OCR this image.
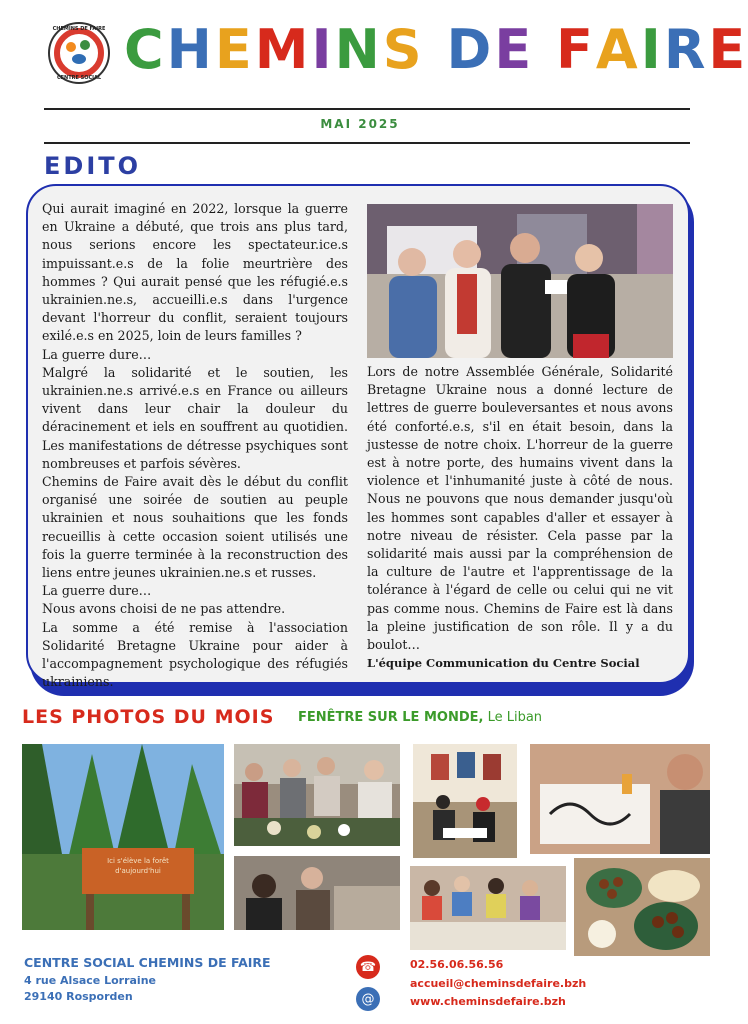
CHEMINS DE FAIRE
CENTRE SOCIAL CHEMINS DE FAIRE
MAI 2025
EDITO

Qui aurait imaginé en 2022, lorsque la guerre en Ukraine a débuté, que trois ans plus tard, nous serions encore les spectateur.ice.s impuissant.e.s de la folie meurtrière des hommes ? Qui aurait pensé que les réfugié.e.s ukrainien.ne.s, accueilli.e.s dans l'urgence devant l'horreur du conflit, seraient toujours exilé.e.s en 2025, loin de leurs familles ?

La guerre dure…

Malgré la solidarité et le soutien, les ukrainien.ne.s arrivé.e.s en France ou ailleurs vivent dans leur chair la douleur du déracinement et iels en souffrent au quotidien. Les manifestations de détresse psychiques sont nombreuses et parfois sévères.

Chemins de Faire avait dès le début du conflit organisé une soirée de soutien au peuple ukrainien et nous souhaitions que les fonds recueillis à cette occasion soient utilisés une fois la guerre terminée à la reconstruction des liens entre jeunes ukrainien.ne.s et russes.

La guerre dure…

Nous avons choisi de ne pas attendre.

La somme a été remise à l'association Solidarité Bretagne Ukraine pour aider à l'accompagnement psychologique des réfugiés ukrainiens.

Lors de notre Assemblée Générale, Solidarité Bretagne Ukraine nous a donné lecture de lettres de guerre bouleversantes et nous avons été conforté.e.s, s'il en était besoin, dans la justesse de notre choix. L'horreur de la guerre est à notre porte, des humains vivent dans la violence et l'inhumanité juste à côté de nous. Nous ne pouvons que nous demander jusqu'où les hommes sont capables d'aller et essayer à notre niveau de résister. Cela passe par la solidarité mais aussi par la compréhension de la culture de l'autre et l'apprentissage de la tolérance à l'égard de celle ou celui qui ne vit pas comme nous. Chemins de Faire est là dans la pleine justification de son rôle. Il y a du boulot…

L'équipe Communication du Centre Social
LES PHOTOS DU MOIS FENÊTRE SUR LE MONDE, Le Liban
Ici s'élève la forêt
d'aujourd'hui
CENTRE SOCIAL CHEMINS DE FAIRE
4 rue Alsace Lorraine
29140 Rosporden
☎
@
02.56.06.56.56
accueil@cheminsdefaire.bzh
www.cheminsdefaire.bzh
